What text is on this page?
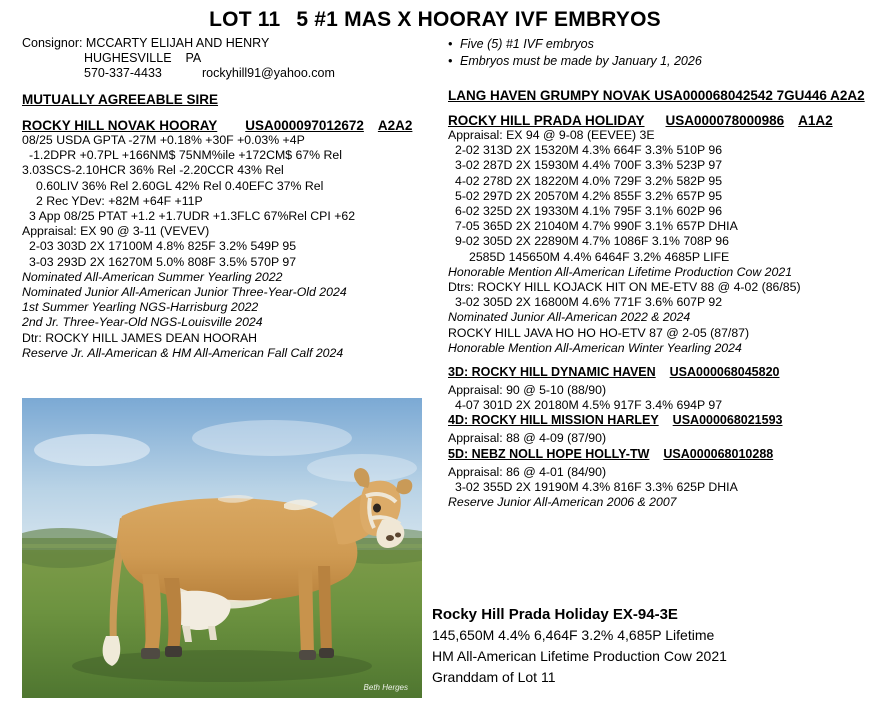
LOT 11 5 #1 MAS X HOORAY IVF EMBRYOS
Consignor: MCCARTY ELIJAH AND HENRY
HUGHESVILLE PA
570-337-4433	rockyhill91@yahoo.com
• Five (5) #1 IVF embryos
• Embryos must be made by January 1, 2026
MUTUALLY AGREEABLE SIRE
ROCKY HILL NOVAK HOORAY USA000097012672 A2A2
08/25 USDA GPTA -27M +0.18% +30F +0.03% +4P
-1.2DPR +0.7PL +166NM$ 75NM%ile +172CM$ 67% Rel
3.03SCS-2.10HCR 36% Rel -2.20CCR 43% Rel
0.60LIV 36% Rel 2.60GL 42% Rel 0.40EFC 37% Rel
2 Rec YDev: +82M +64F +11P
3 App 08/25 PTAT +1.2 +1.7UDR +1.3FLC 67%Rel CPI +62
Appraisal: EX 90 @ 3-11 (VEVEV)
2-03 303D 2X 17100M 4.8% 825F 3.2% 549P 95
3-03 293D 2X 16270M 5.0% 808F 3.5% 570P 97
Nominated All-American Summer Yearling 2022
Nominated Junior All-American Junior Three-Year-Old 2024
1st Summer Yearling NGS-Harrisburg 2022
2nd Jr. Three-Year-Old NGS-Louisville 2024
Dtr: ROCKY HILL JAMES DEAN HOORAH
Reserve Jr. All-American & HM All-American Fall Calf 2024
LANG HAVEN GRUMPY NOVAK USA000068042542 7GU446 A2A2
ROCKY HILL PRADA HOLIDAY USA000078000986 A1A2
Appraisal: EX 94 @ 9-08 (EEVEE) 3E
2-02 313D 2X 15320M 4.3% 664F 3.3% 510P 96
3-02 287D 2X 15930M 4.4% 700F 3.3% 523P 97
4-02 278D 2X 18220M 4.0% 729F 3.2% 582P 95
5-02 297D 2X 20570M 4.2% 855F 3.2% 657P 95
6-02 325D 2X 19330M 4.1% 795F 3.1% 602P 96
7-05 365D 2X 21040M 4.7% 990F 3.1% 657P DHIA
9-02 305D 2X 22890M 4.7% 1086F 3.1% 708P 96
2585D 145650M 4.4% 6464F 3.2% 4685P LIFE
Honorable Mention All-American Lifetime Production Cow 2021
Dtrs: ROCKY HILL KOJACK HIT ON ME-ETV 88 @ 4-02 (86/85)
3-02 305D 2X 16800M 4.6% 771F 3.6% 607P 92
Nominated Junior All-American 2022 & 2024
ROCKY HILL JAVA HO HO HO-ETV 87 @ 2-05 (87/87)
Honorable Mention All-American Winter Yearling 2024
3D: ROCKY HILL DYNAMIC HAVEN USA000068045820
Appraisal: 90 @ 5-10 (88/90)
4-07 301D 2X 20180M 4.5% 917F 3.4% 694P 97
4D: ROCKY HILL MISSION HARLEY USA000068021593
Appraisal: 88 @ 4-09 (87/90)
5D: NEBZ NOLL HOPE HOLLY-TW USA000068010288
Appraisal: 86 @ 4-01 (84/90)
3-02 355D 2X 19190M 4.3% 816F 3.3% 625P DHIA
Reserve Junior All-American 2006 & 2007
Beth Herges
Rocky Hill Prada Holiday EX-94-3E
145,650M 4.4% 6,464F 3.2% 4,685P Lifetime
HM All-American Lifetime Production Cow 2021
Granddam of Lot 11
